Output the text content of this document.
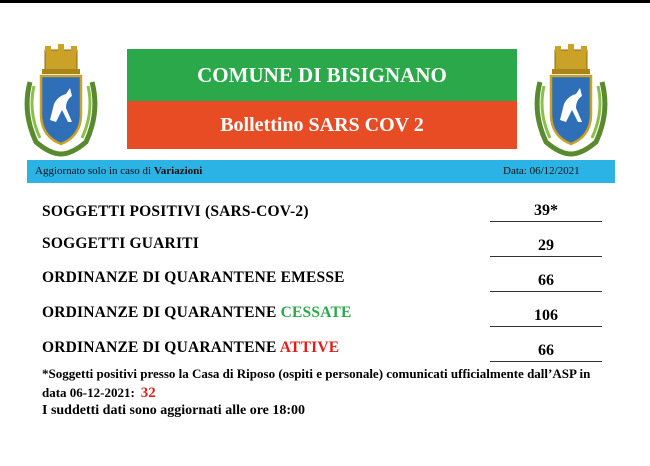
COMUNE DI BISIGNANO
Bollettino SARS COV 2
Aggiornato solo in caso di Variazioni	Data: 06/12/2021
SOGGETTI POSITIVI (SARS-COV-2)	39*
SOGGETTI GUARITI	29
ORDINANZE DI QUARANTENE EMESSE	66
ORDINANZE DI QUARANTENE CESSATE	106
ORDINANZE DI QUARANTENE ATTIVE	66
*Soggetti positivi presso la Casa di Riposo (ospiti e personale) comunicati ufficialmente dall’ASP in data 06-12-2021: 32
I suddetti dati sono aggiornati alle ore 18:00
